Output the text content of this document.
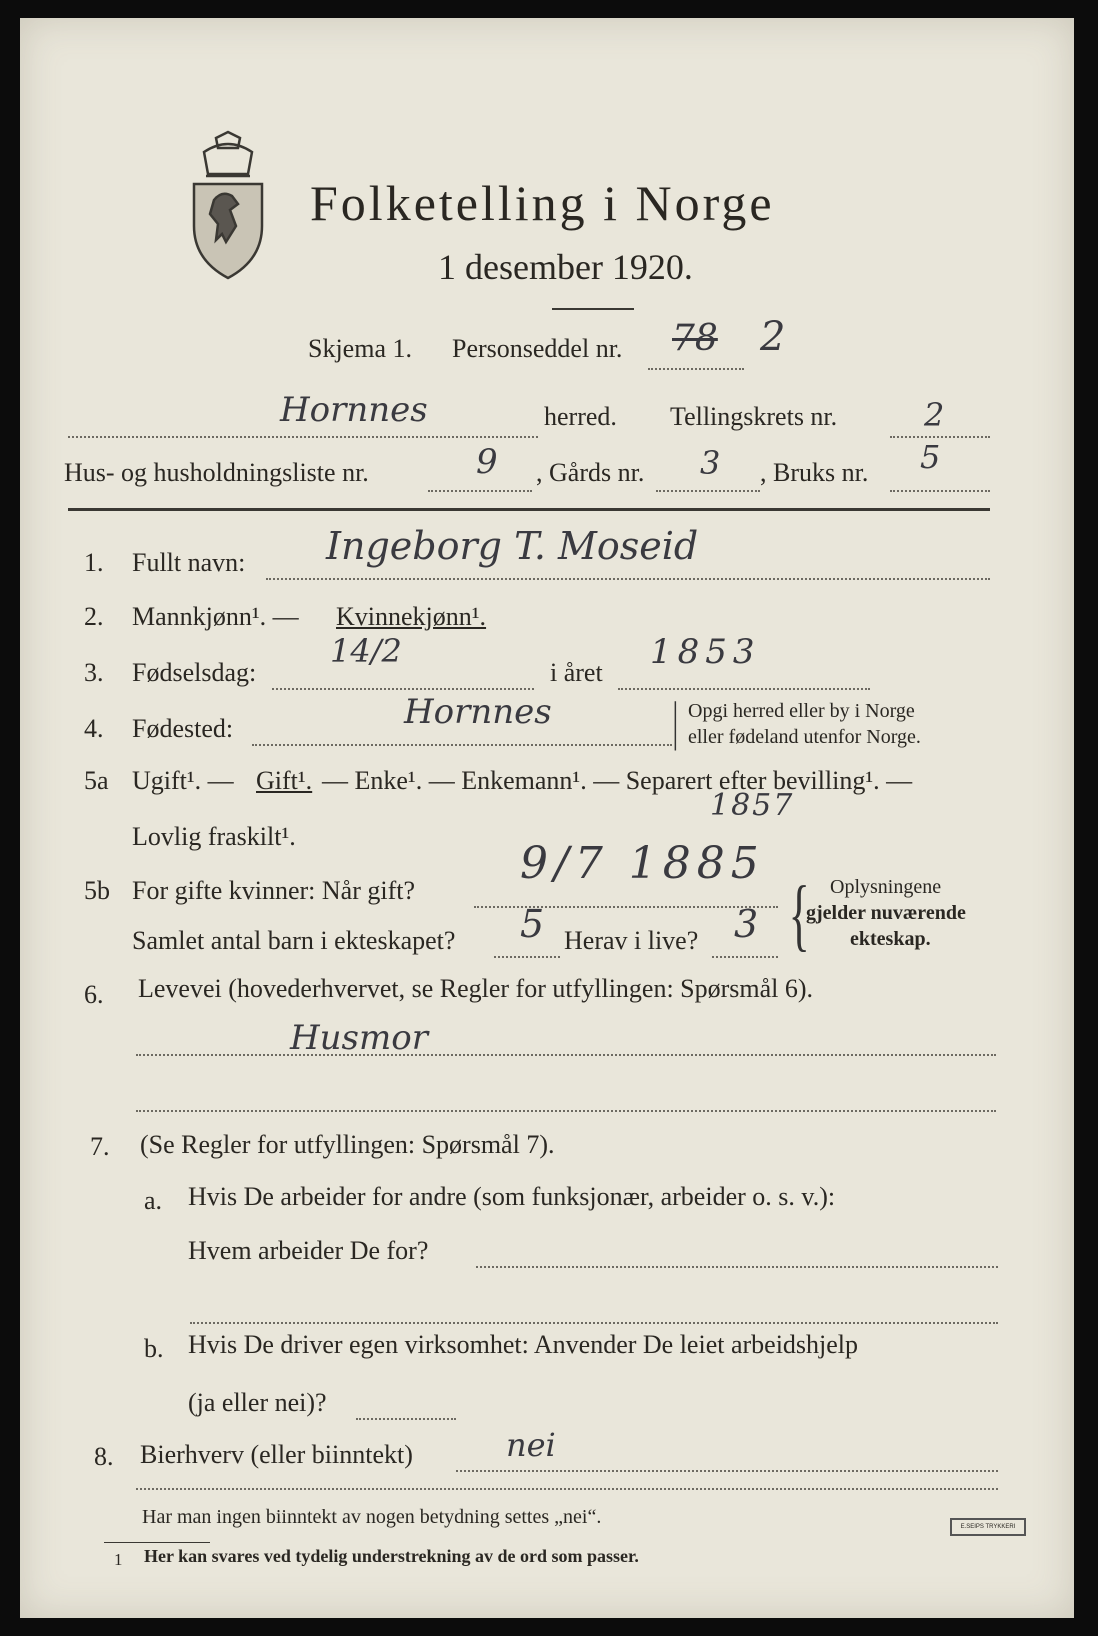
Folketelling i Norge
1 desember 1920.
Skjema 1. Personseddel nr. 78 2
Hornnes	herred. Tellingskrets nr.	2
Hus- og husholdningsliste nr.	9 , Gårds nr. 3 , Bruks nr. 5
1. Fullt navn: Ingeborg T. Moseid
2. Mannkjønn¹. — Kvinnekjønn¹.
3. Fødselsdag:
14/2
i året
1853
4. Fødested:	Hornnes | Opgi herred eller by i Norge
eller fødeland utenfor Norge.
5a Ugift¹. — Gift¹. — Enke¹. — Enkemann¹. — Separert efter bevilling¹. —
Lovlig fraskilt¹.
1857
5b For gifte kvinner: Når gift?
9/7 1885
Samlet antal barn i ekteskapet? 5 Herav i live? 3 { Oplysningene
gjelder nuværende
ekteskap.
6. Levevei (hovederhvervet, se Regler for utfyllingen: Spørsmål 6).
Husmor
7. (Se Regler for utfyllingen: Spørsmål 7).
a. Hvis De arbeider for andre (som funksjonær, arbeider o. s. v.):
Hvem arbeider De for?
b. Hvis De driver egen virksomhet: Anvender De leiet arbeidshjelp
(ja eller nei)?
8. Bierhverv (eller biinntekt)	nei
Har man ingen biinntekt av nogen betydning settes „nei“.
1 Her kan svares ved tydelig understrekning av de ord som passer.
E.SEIPS TRYKKERI
